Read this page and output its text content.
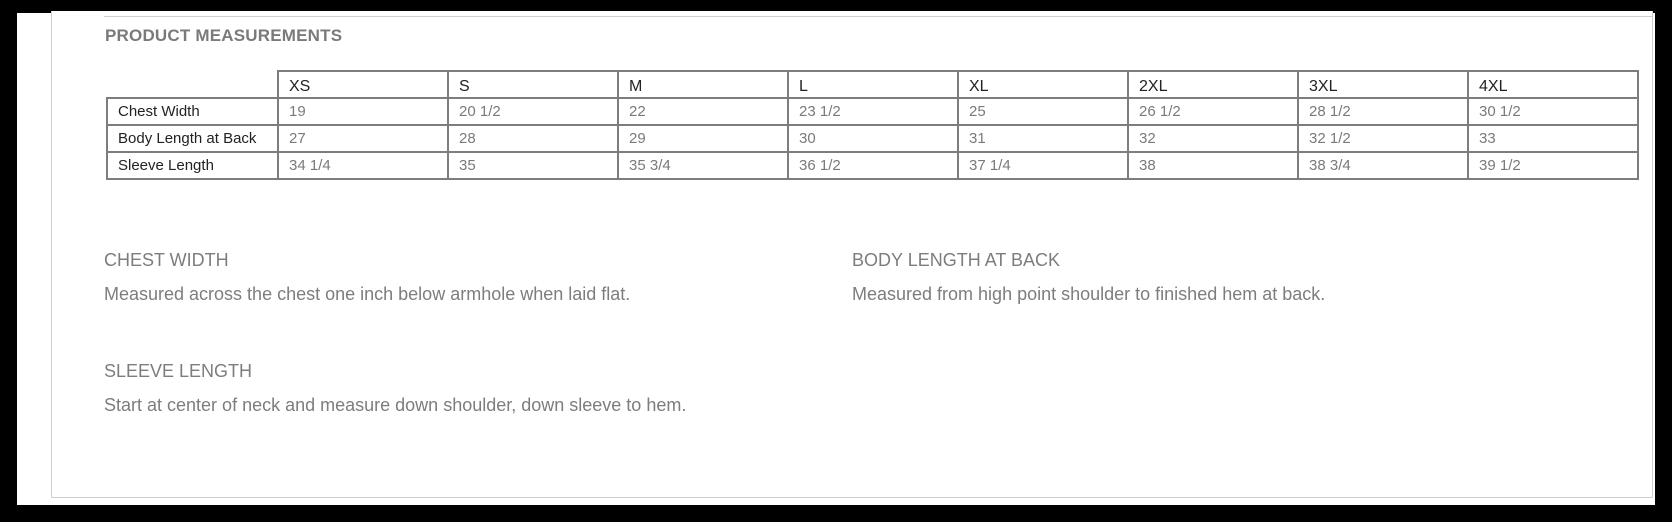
PRODUCT MEASUREMENTS
	XS	S	M	L	XL	2XL	3XL	4XL
Chest Width	19	20 1/2	22	23 1/2	25	26 1/2	28 1/2	30 1/2
Body Length at Back	27	28	29	30	31	32	32 1/2	33
Sleeve Length	34 1/4	35	35 3/4	36 1/2	37 1/4	38	38 3/4	39 1/2
CHEST WIDTH
Measured across the chest one inch below armhole when laid flat.
BODY LENGTH AT BACK
Measured from high point shoulder to finished hem at back.
SLEEVE LENGTH
Start at center of neck and measure down shoulder, down sleeve to hem.
